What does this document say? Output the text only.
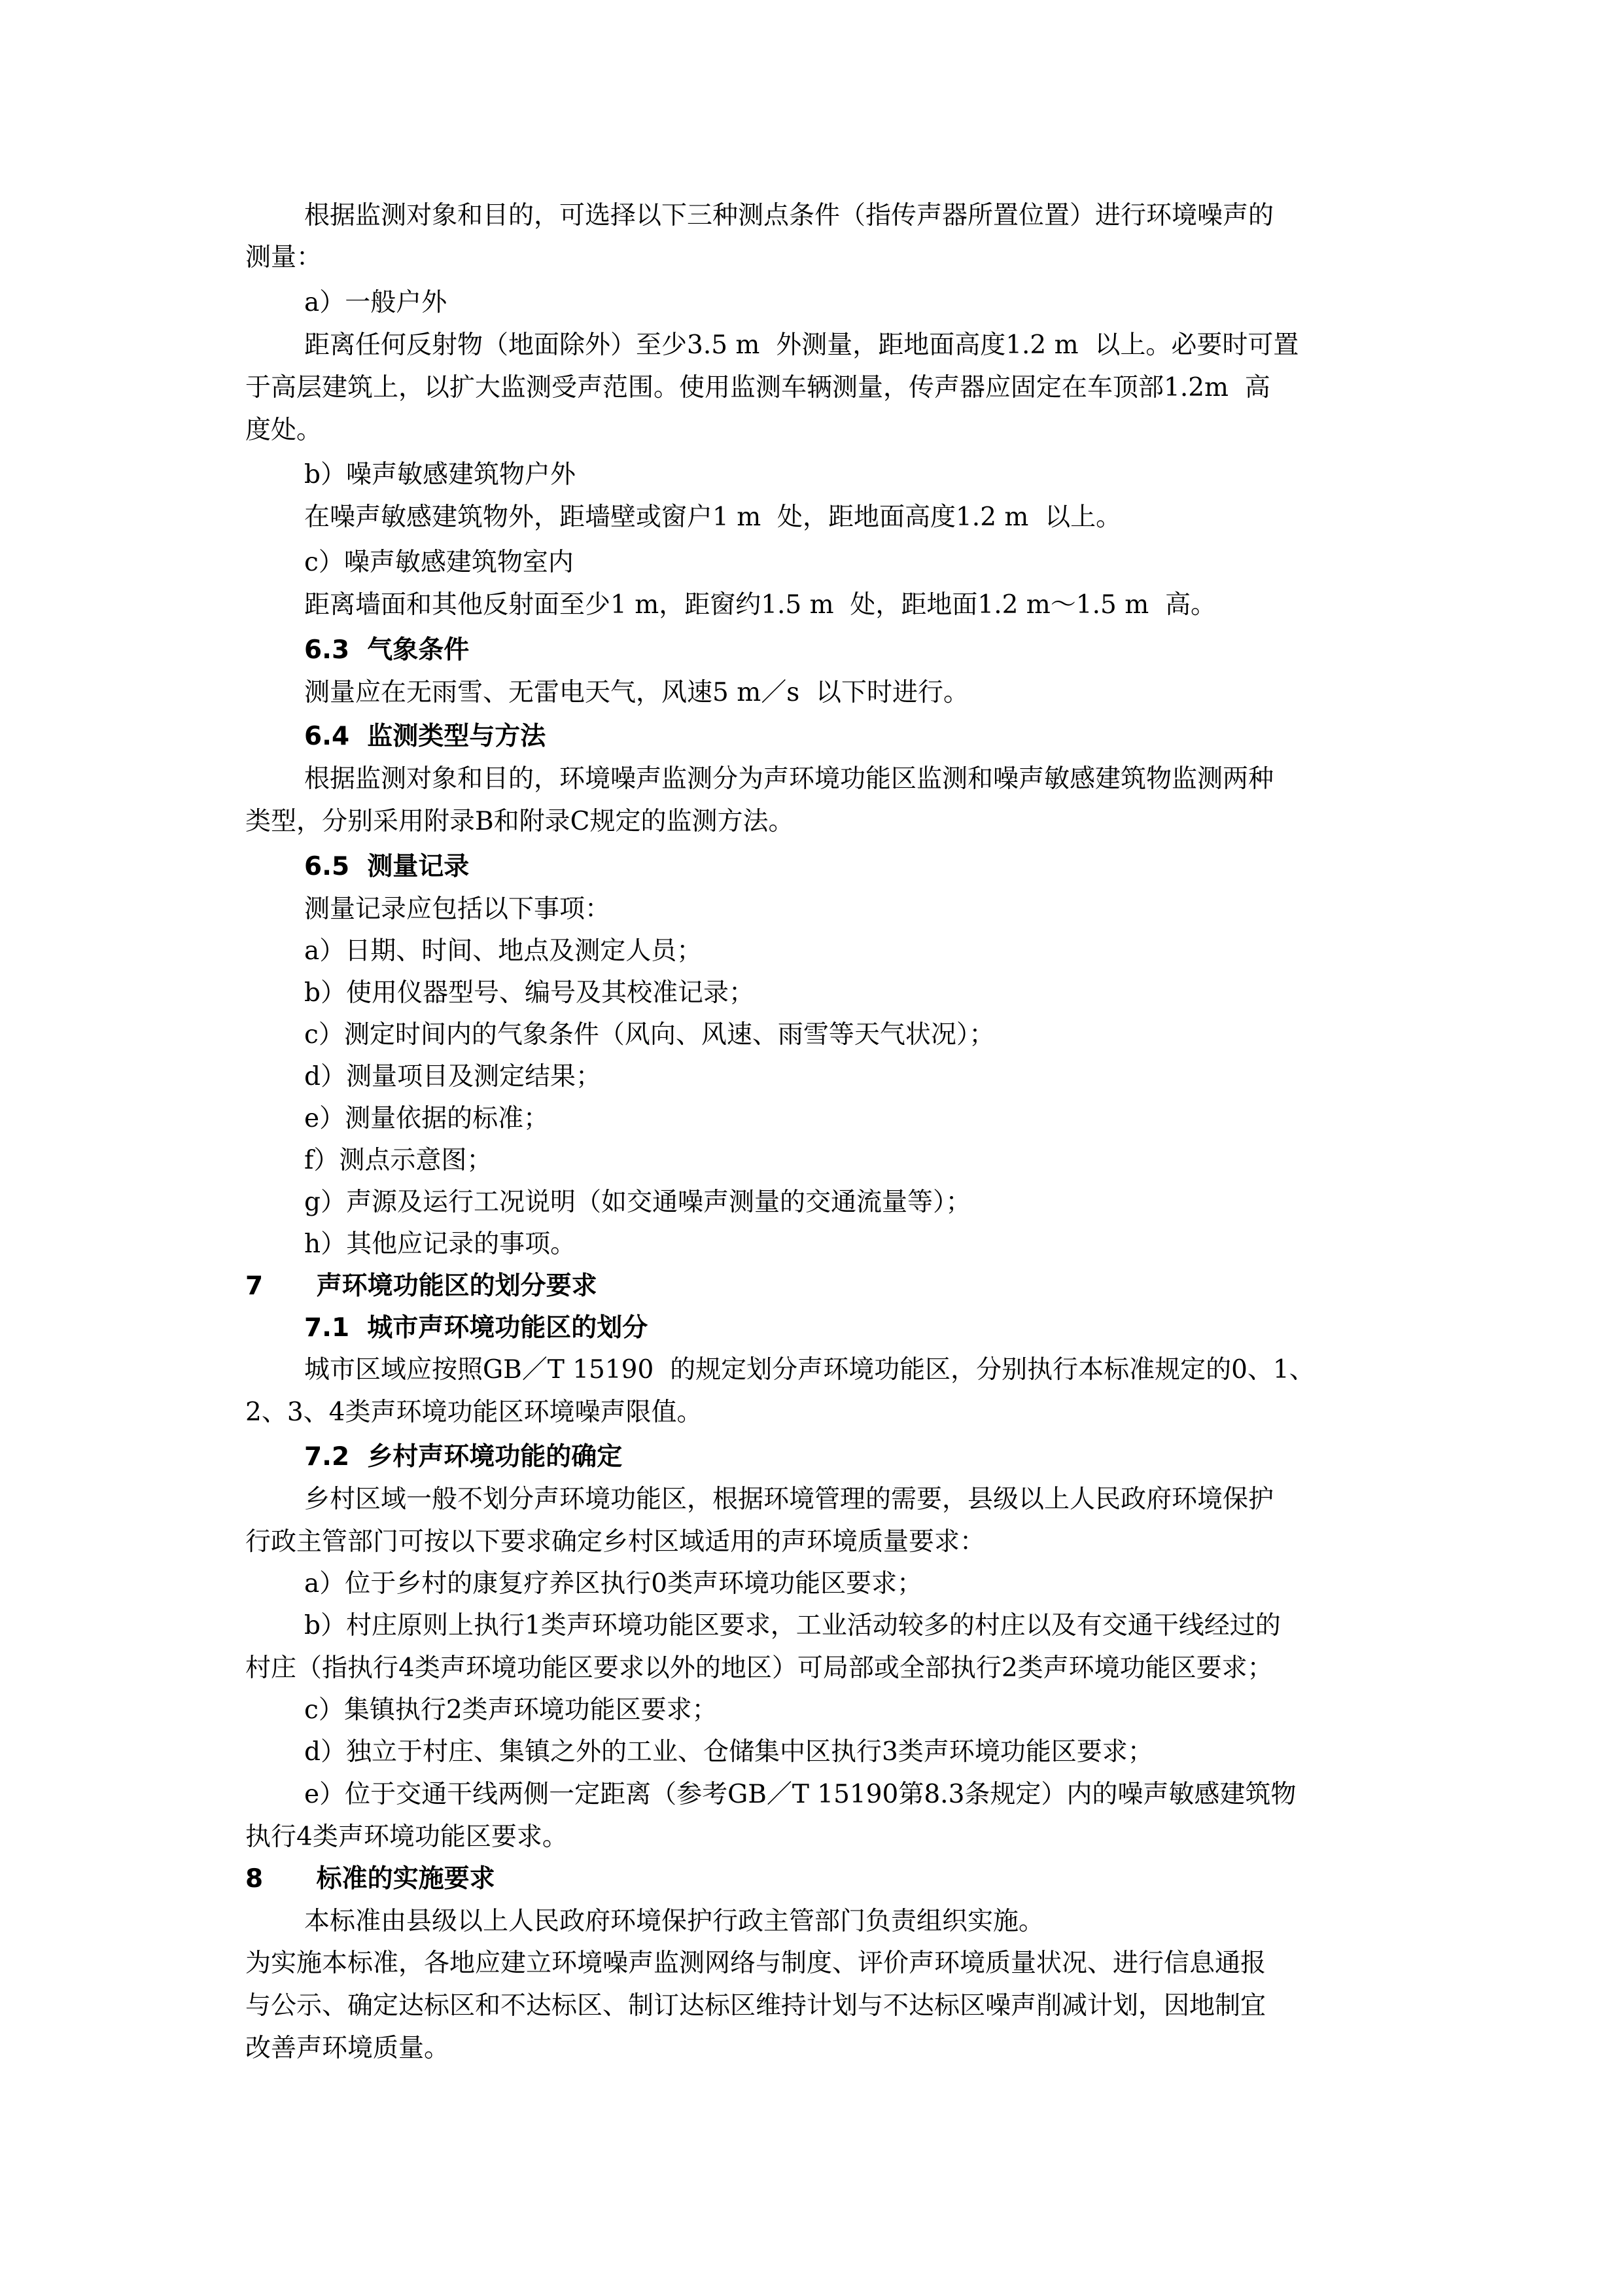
根据监测对象和目的，可选择以下三种测点条件（指传声器所置位置）进行环境噪声的
测量：
a）一般户外
距离任何反射物（地面除外）至少3.5 m  外测量，距地面高度1.2 m  以上。必要时可置
于高层建筑上，以扩大监测受声范围。使用监测车辆测量，传声器应固定在车顶部1.2m  高
度处。
b）噪声敏感建筑物户外
在噪声敏感建筑物外，距墙壁或窗户1 m  处，距地面高度1.2 m  以上。
c）噪声敏感建筑物室内
距离墙面和其他反射面至少1 m，距窗约1.5 m  处，距地面1.2 m～1.5 m  高。
6.3  气象条件
测量应在无雨雪、无雷电天气，风速5 m／s  以下时进行。
6.4  监测类型与方法
根据监测对象和目的，环境噪声监测分为声环境功能区监测和噪声敏感建筑物监测两种
类型，分别采用附录B和附录C规定的监测方法。
6.5  测量记录
测量记录应包括以下事项：
a）日期、时间、地点及测定人员；
b）使用仪器型号、编号及其校准记录；
c）测定时间内的气象条件（风向、风速、雨雪等天气状况）；
d）测量项目及测定结果；
e）测量依据的标准；
f）测点示意图；
g）声源及运行工况说明（如交通噪声测量的交通流量等）；
h）其他应记录的事项。
7      声环境功能区的划分要求
7.1  城市声环境功能区的划分
城市区域应按照GB／T 15190  的规定划分声环境功能区，分别执行本标准规定的0、1、
2、3、4类声环境功能区环境噪声限值。
7.2  乡村声环境功能的确定
乡村区域一般不划分声环境功能区，根据环境管理的需要，县级以上人民政府环境保护
行政主管部门可按以下要求确定乡村区域适用的声环境质量要求：
a）位于乡村的康复疗养区执行0类声环境功能区要求；
b）村庄原则上执行1类声环境功能区要求，工业活动较多的村庄以及有交通干线经过的
村庄（指执行4类声环境功能区要求以外的地区）可局部或全部执行2类声环境功能区要求；
c）集镇执行2类声环境功能区要求；
d）独立于村庄、集镇之外的工业、仓储集中区执行3类声环境功能区要求；
e）位于交通干线两侧一定距离（参考GB／T 15190第8.3条规定）内的噪声敏感建筑物
执行4类声环境功能区要求。
8      标准的实施要求
本标准由县级以上人民政府环境保护行政主管部门负责组织实施。
为实施本标准，各地应建立环境噪声监测网络与制度、评价声环境质量状况、进行信息通报
与公示、确定达标区和不达标区、制订达标区维持计划与不达标区噪声削减计划，因地制宜
改善声环境质量。
